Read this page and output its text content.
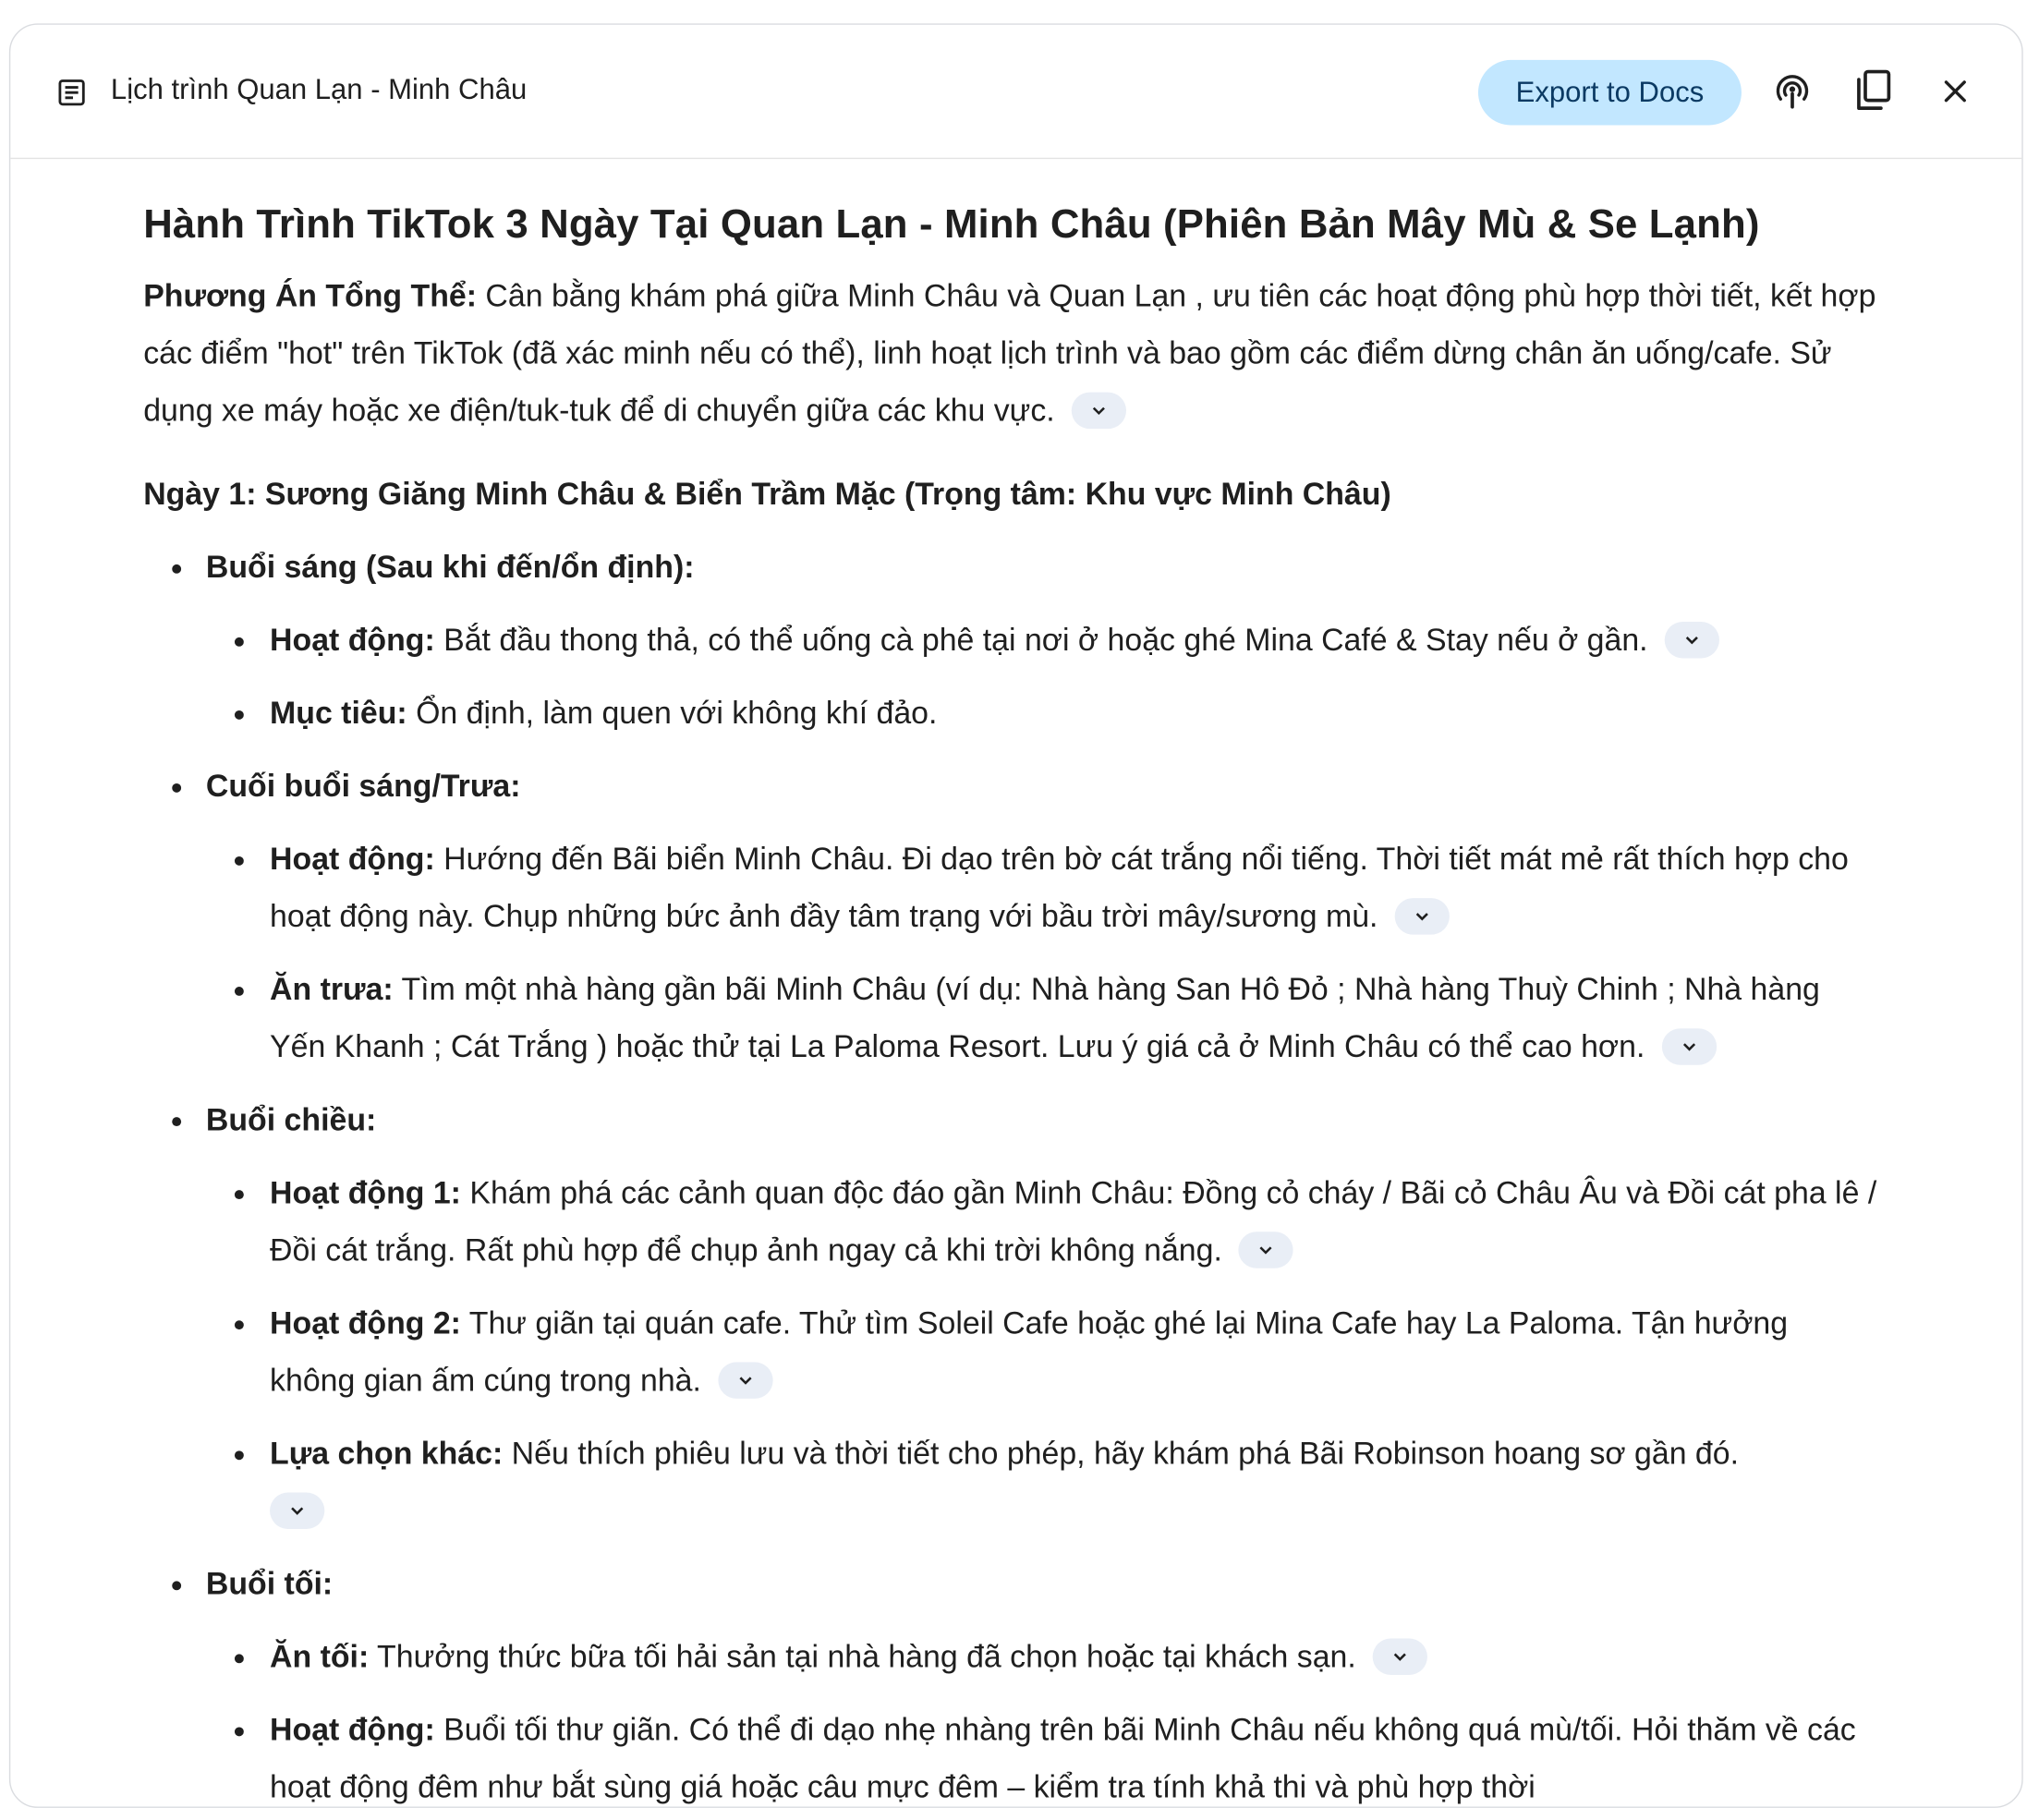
Lịch trình Quan Lạn - Minh Châu	Export to Docs
Hành Trình TikTok 3 Ngày Tại Quan Lạn - Minh Châu (Phiên Bản Mây Mù & Se Lạnh)
Phương Án Tổng Thể: Cân bằng khám phá giữa Minh Châu và Quan Lạn , ưu tiên các hoạt động phù hợp thời tiết, kết hợp các điểm "hot" trên TikTok (đã xác minh nếu có thể), linh hoạt lịch trình và bao gồm các điểm dừng chân ăn uống/cafe. Sử dụng xe máy hoặc xe điện/tuk-tuk để di chuyển giữa các khu vực.
Ngày 1: Sương Giăng Minh Châu & Biển Trầm Mặc (Trọng tâm: Khu vực Minh Châu)
Buổi sáng (Sau khi đến/ổn định):
Hoạt động: Bắt đầu thong thả, có thể uống cà phê tại nơi ở hoặc ghé Mina Café & Stay nếu ở gần.
Mục tiêu: Ổn định, làm quen với không khí đảo.
Cuối buổi sáng/Trưa:
Hoạt động: Hướng đến Bãi biển Minh Châu. Đi dạo trên bờ cát trắng nổi tiếng. Thời tiết mát mẻ rất thích hợp cho hoạt động này. Chụp những bức ảnh đầy tâm trạng với bầu trời mây/sương mù.
Ăn trưa: Tìm một nhà hàng gần bãi Minh Châu (ví dụ: Nhà hàng San Hô Đỏ ; Nhà hàng Thuỳ Chinh ; Nhà hàng Yến Khanh ; Cát Trắng ) hoặc thử tại La Paloma Resort. Lưu ý giá cả ở Minh Châu có thể cao hơn.
Buổi chiều:
Hoạt động 1: Khám phá các cảnh quan độc đáo gần Minh Châu: Đồng cỏ cháy / Bãi cỏ Châu Âu và Đồi cát pha lê / Đồi cát trắng. Rất phù hợp để chụp ảnh ngay cả khi trời không nắng.
Hoạt động 2: Thư giãn tại quán cafe. Thử tìm Soleil Cafe hoặc ghé lại Mina Cafe hay La Paloma. Tận hưởng không gian ấm cúng trong nhà.
Lựa chọn khác: Nếu thích phiêu lưu và thời tiết cho phép, hãy khám phá Bãi Robinson hoang sơ gần đó.

Buổi tối:
Ăn tối: Thưởng thức bữa tối hải sản tại nhà hàng đã chọn hoặc tại khách sạn.
Hoạt động: Buổi tối thư giãn. Có thể đi dạo nhẹ nhàng trên bãi Minh Châu nếu không quá mù/tối. Hỏi thăm về các hoạt động đêm như bắt sùng giá hoặc câu mực đêm – kiểm tra tính khả thi và phù hợp thời
